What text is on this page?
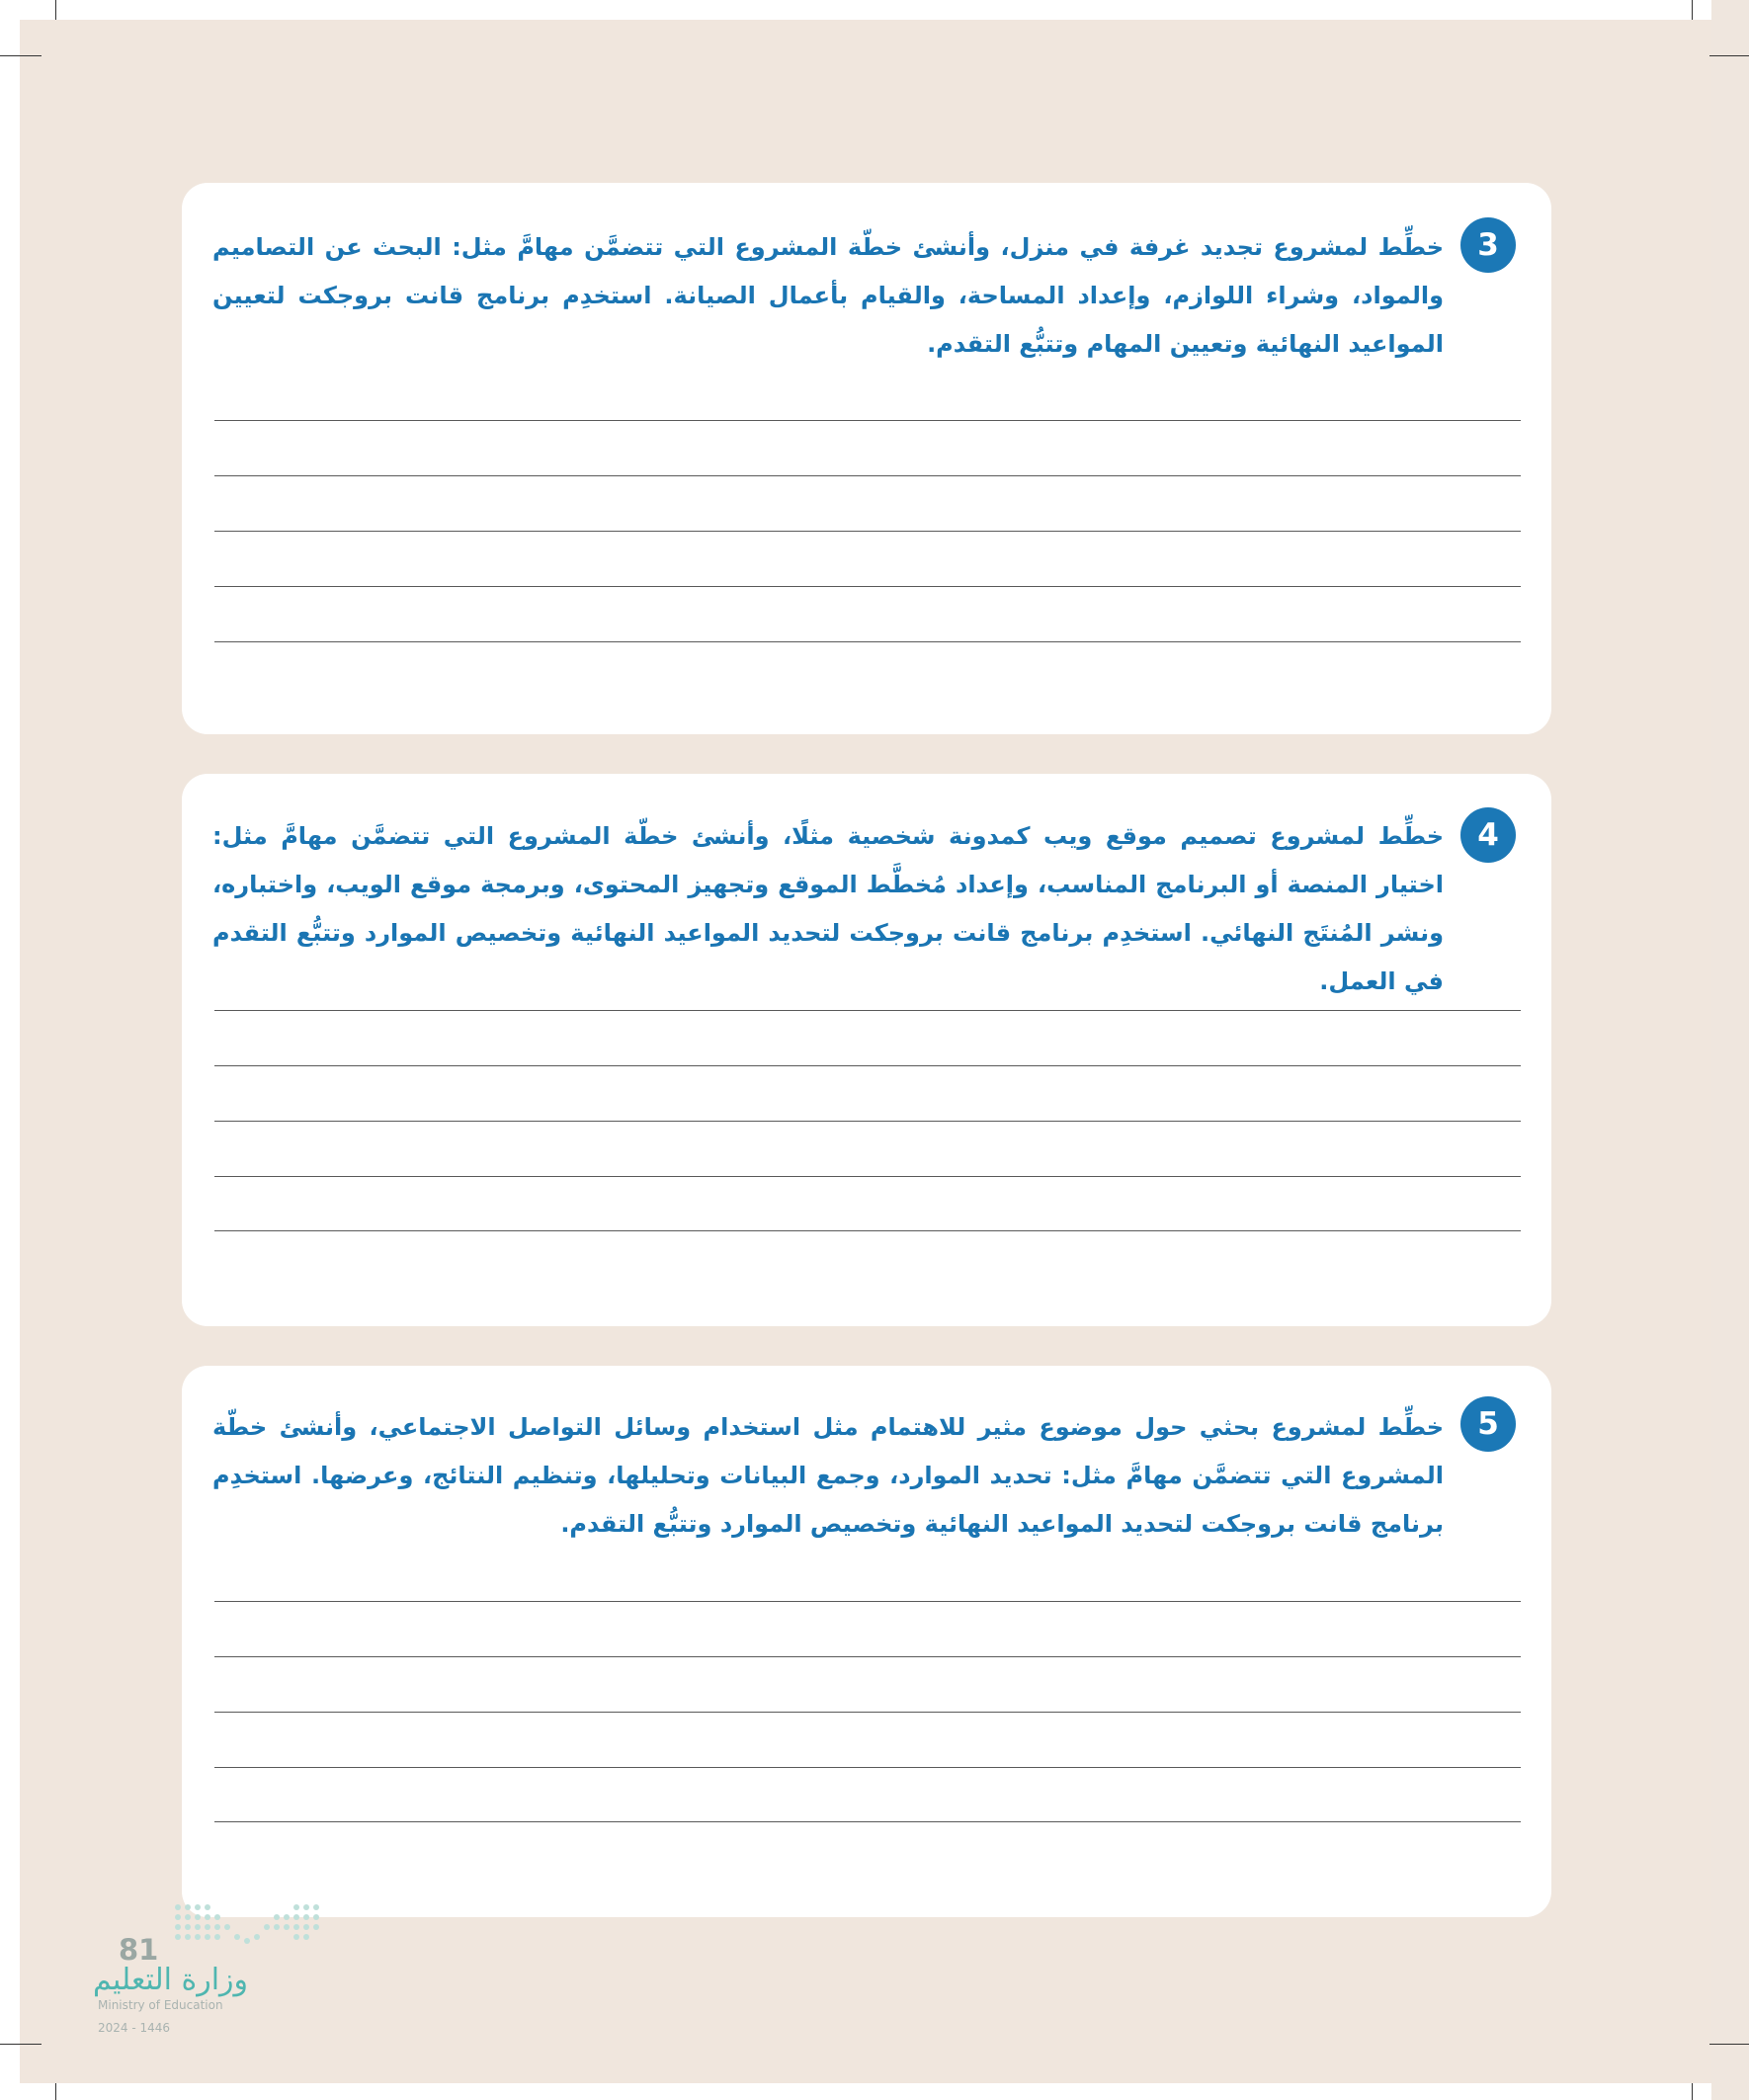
3
خطِّط لمشروع تجديد غرفة في منزل، وأنشئ خطّة المشروع التي تتضمَّن مهامَّ مثل: البحث عن التصاميم والمواد، وشراء اللوازم، وإعداد المساحة، والقيام بأعمال الصيانة. استخدِم برنامج قانت بروجكت لتعيين المواعيد النهائية وتعيين المهام وتتبُّع التقدم.
4
خطِّط لمشروع تصميم موقع ويب كمدونة شخصية مثلًا، وأنشئ خطّة المشروع التي تتضمَّن مهامَّ مثل: اختيار المنصة أو البرنامج المناسب، وإعداد مُخطَّط الموقع وتجهيز المحتوى، وبرمجة موقع الويب، واختباره، ونشر المُنتَج النهائي. استخدِم برنامج قانت بروجكت لتحديد المواعيد النهائية وتخصيص الموارد وتتبُّع التقدم في العمل.
5
خطِّط لمشروع بحثي حول موضوع مثير للاهتمام مثل استخدام وسائل التواصل الاجتماعي، وأنشئ خطّة المشروع التي تتضمَّن مهامَّ مثل: تحديد الموارد، وجمع البيانات وتحليلها، وتنظيم النتائج، وعرضها. استخدِم برنامج قانت بروجكت لتحديد المواعيد النهائية وتخصيص الموارد وتتبُّع التقدم.
81
وزارة التعليم
Ministry of Education
2024 - 1446
